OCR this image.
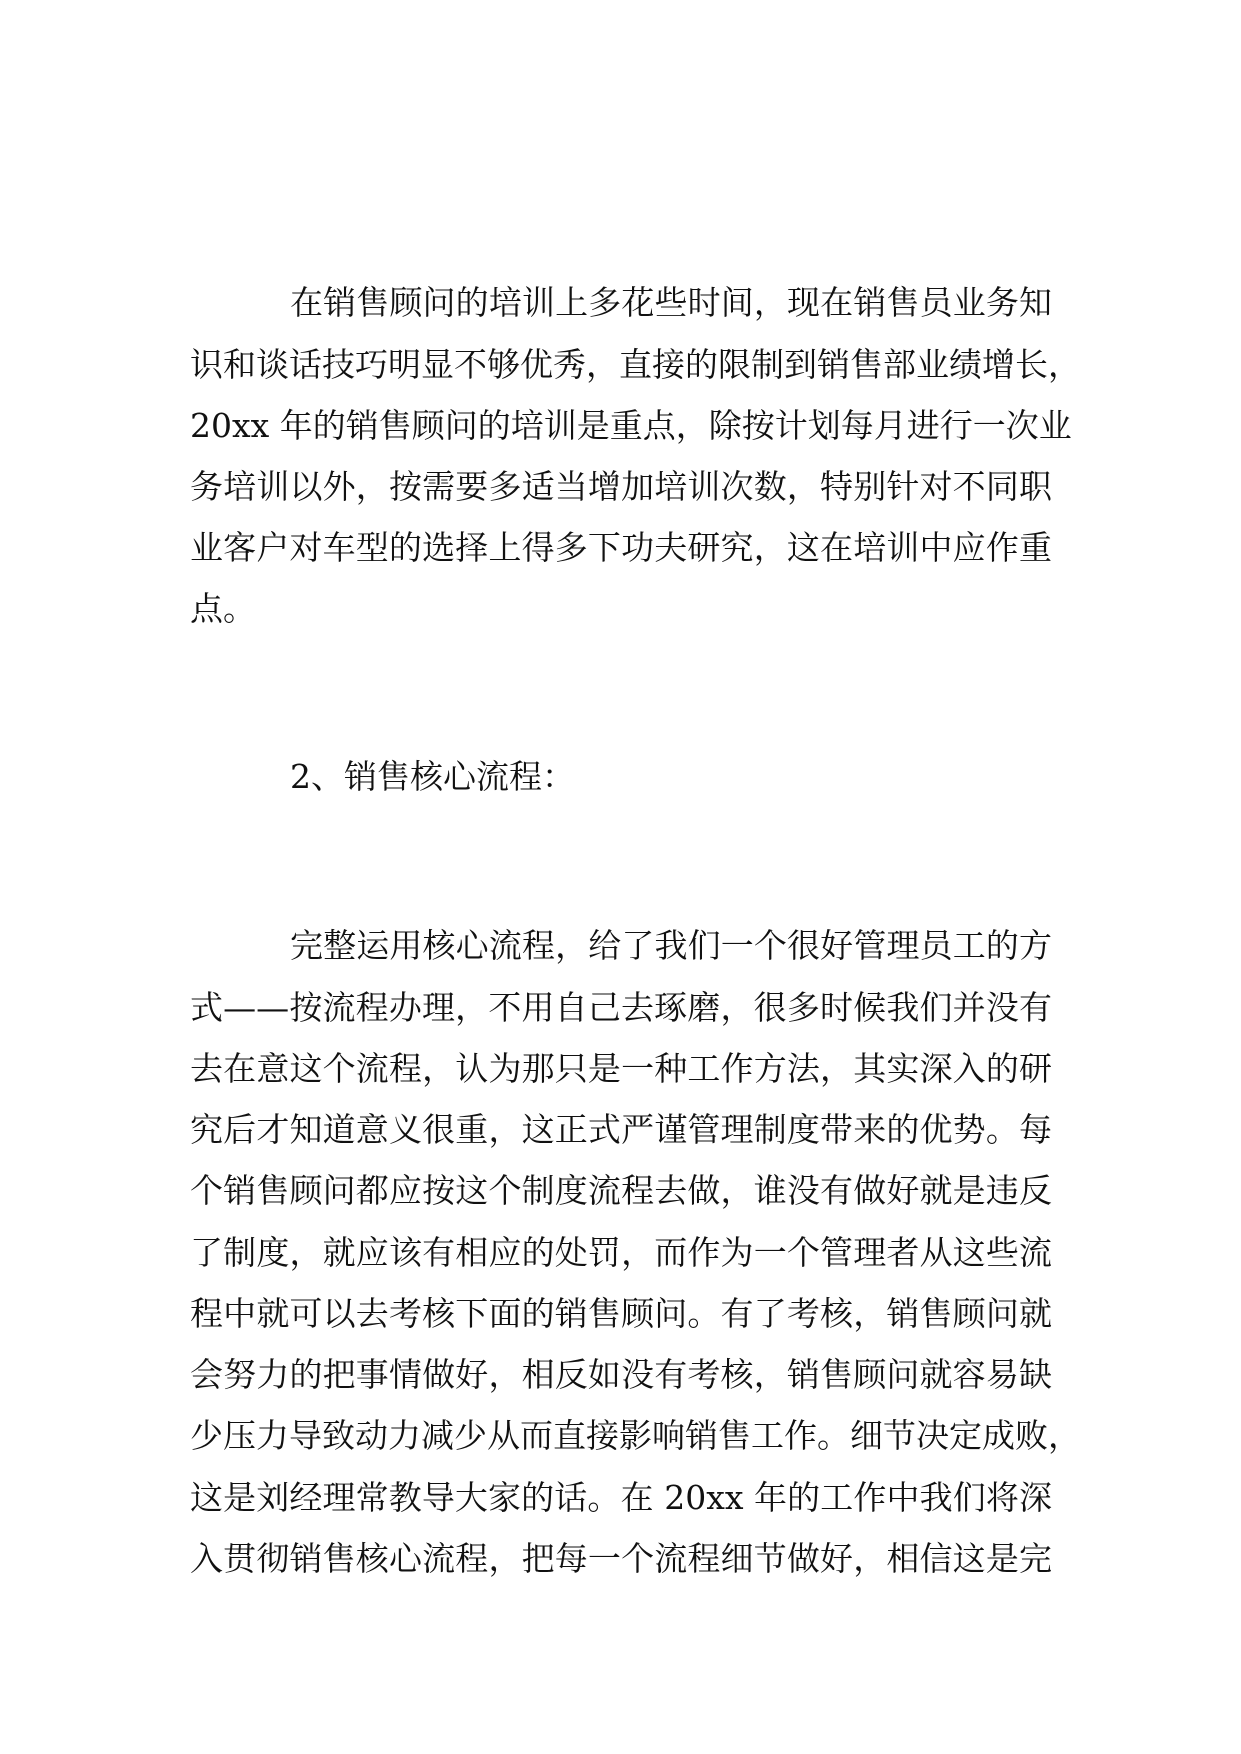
在销售顾问的培训上多花些时间，现在销售员业务知
识和谈话技巧明显不够优秀，直接的限制到销售部业绩增长，
20xx 年的销售顾问的培训是重点，除按计划每月进行一次业
务培训以外，按需要多适当增加培训次数，特别针对不同职
业客户对车型的选择上得多下功夫研究，这在培训中应作重
点。
2、销售核心流程：
完整运用核心流程，给了我们一个很好管理员工的方
式——按流程办理，不用自己去琢磨，很多时候我们并没有
去在意这个流程，认为那只是一种工作方法，其实深入的研
究后才知道意义很重，这正式严谨管理制度带来的优势。每
个销售顾问都应按这个制度流程去做，谁没有做好就是违反
了制度，就应该有相应的处罚，而作为一个管理者从这些流
程中就可以去考核下面的销售顾问。有了考核，销售顾问就
会努力的把事情做好，相反如没有考核，销售顾问就容易缺
少压力导致动力减少从而直接影响销售工作。细节决定成败，
这是刘经理常教导大家的话。在 20xx 年的工作中我们将深
入贯彻销售核心流程，把每一个流程细节做好，相信这是完
